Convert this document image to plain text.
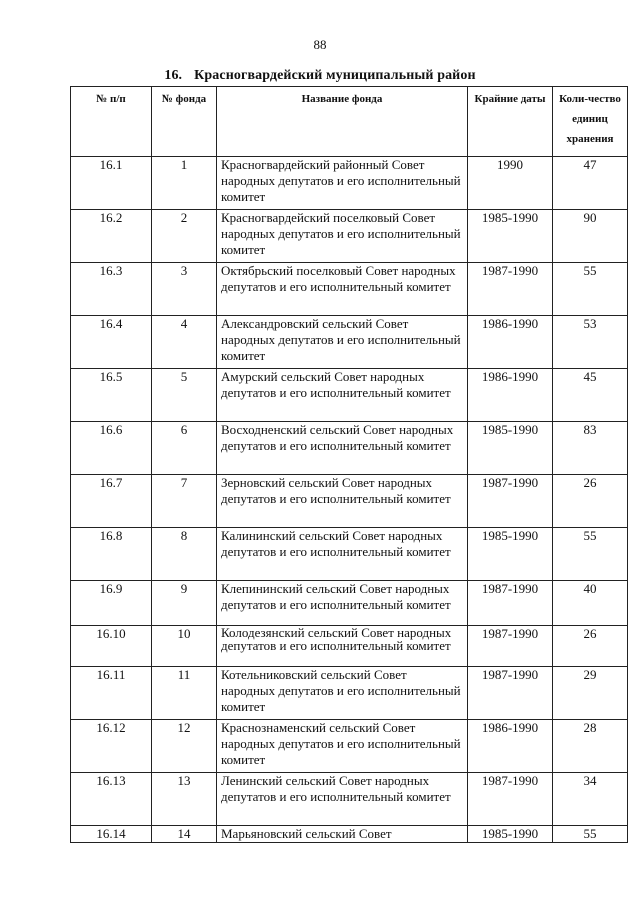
88
16. Красногвардейский муниципальный район
№ п/п	№ фонда	Название фонда	Крайние даты	Коли-чество единиц хранения
16.1	1	Красногвардейский районный Совет народных депутатов и его исполнительный комитет	1990	47
16.2	2	Красногвардейский поселковый Совет народных депутатов и его исполнительный комитет	1985-1990	90
16.3	3	Октябрьский поселковый Совет народных депутатов и его исполнительный комитет	1987-1990	55
16.4	4	Александровский сельский Совет народных депутатов и его исполнительный комитет	1986-1990	53
16.5	5	Амурский сельский Совет народных депутатов и его исполнительный комитет	1986-1990	45
16.6	6	Восходненский сельский Совет народных депутатов и его исполнительный комитет	1985-1990	83
16.7	7	Зерновский сельский Совет народных депутатов и его исполнительный комитет	1987-1990	26
16.8	8	Калининский сельский Совет народных депутатов и его исполнительный комитет	1985-1990	55
16.9	9	Клепининский сельский Совет народных депутатов и его исполнительный комитет	1987-1990	40
16.10	10	Колодезянский сельский Совет народных депутатов и его исполнительный комитет	1987-1990	26
16.11	11	Котельниковский сельский Совет народных депутатов и его исполнительный комитет	1987-1990	29
16.12	12	Краснознаменский сельский Совет народных депутатов и его исполнительный комитет	1986-1990	28
16.13	13	Ленинский сельский Совет народных депутатов и его исполнительный комитет	1987-1990	34
16.14	14	Марьяновский сельский Совет	1985-1990	55
